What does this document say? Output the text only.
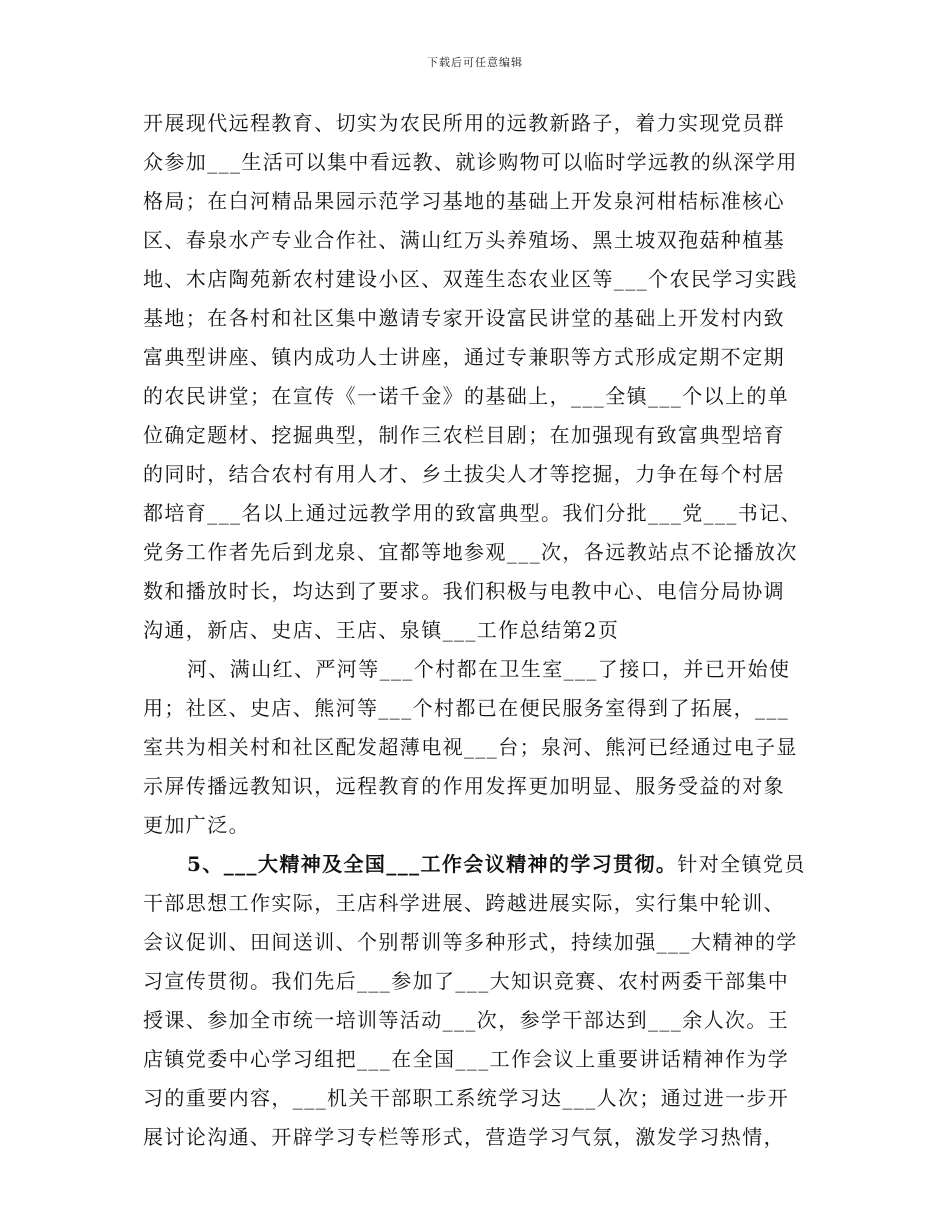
下载后可任意编辑
开展现代远程教育、切实为农民所用的远教新路子，着力实现党员群
众参加___生活可以集中看远教、就诊购物可以临时学远教的纵深学用
格局；在白河精品果园示范学习基地的基础上开发泉河柑桔标准核心
区、春泉水产专业合作社、满山红万头养殖场、黑土坡双孢菇种植基
地、木店陶苑新农村建设小区、双莲生态农业区等___个农民学习实践
基地；在各村和社区集中邀请专家开设富民讲堂的基础上开发村内致
富典型讲座、镇内成功人士讲座，通过专兼职等方式形成定期不定期
的农民讲堂；在宣传《一诺千金》的基础上，___全镇___个以上的单
位确定题材、挖掘典型，制作三农栏目剧；在加强现有致富典型培育
的同时，结合农村有用人才、乡土拔尖人才等挖掘，力争在每个村居
都培育___名以上通过远教学用的致富典型。我们分批___党___书记、
党务工作者先后到龙泉、宜都等地参观___次，各远教站点不论播放次
数和播放时长，均达到了要求。我们积极与电教中心、电信分局协调
沟通，新店、史店、王店、泉镇___工作总结第2页
河、满山红、严河等___个村都在卫生室___了接口，并已开始使
用；社区、史店、熊河等___个村都已在便民服务室得到了拓展，___
室共为相关村和社区配发超薄电视___台；泉河、熊河已经通过电子显
示屏传播远教知识，远程教育的作用发挥更加明显、服务受益的对象
更加广泛。
5、___大精神及全国___工作会议精神的学习贯彻。针对全镇党员
干部思想工作实际，王店科学进展、跨越进展实际，实行集中轮训、
会议促训、田间送训、个别帮训等多种形式，持续加强___大精神的学
习宣传贯彻。我们先后___参加了___大知识竞赛、农村两委干部集中
授课、参加全市统一培训等活动___次，参学干部达到___余人次。王
店镇党委中心学习组把___在全国___工作会议上重要讲话精神作为学
习的重要内容，___机关干部职工系统学习达___人次；通过进一步开
展讨论沟通、开辟学习专栏等形式，营造学习气氛，激发学习热情，
